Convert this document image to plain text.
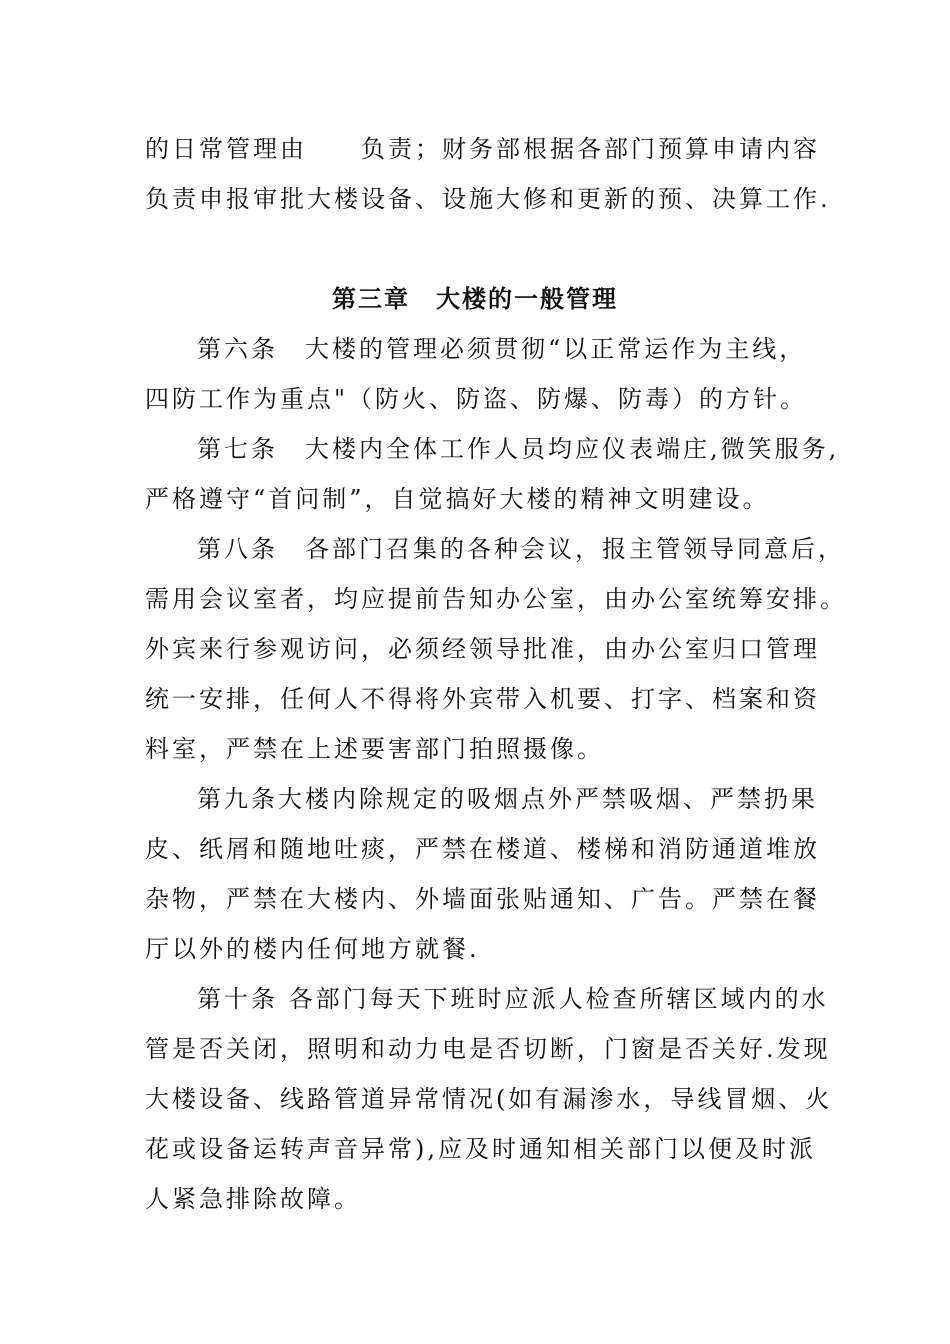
的日常管理由　　负责；财务部根据各部门预算申请内容
负责申报审批大楼设备、设施大修和更新的预、决算工作.
第三章　大楼的一般管理
第六条　大楼的管理必须贯彻“以正常运作为主线，
四防工作为重点"（防火、防盗、防爆、防毒）的方针。
第七条　大楼内全体工作人员均应仪表端庄,微笑服务,
严格遵守“首问制”，自觉搞好大楼的精神文明建设。
第八条　各部门召集的各种会议，报主管领导同意后，
需用会议室者，均应提前告知办公室，由办公室统筹安排。
外宾来行参观访问，必须经领导批准，由办公室归口管理
统一安排，任何人不得将外宾带入机要、打字、档案和资
料室，严禁在上述要害部门拍照摄像。
第九条大楼内除规定的吸烟点外严禁吸烟、严禁扔果
皮、纸屑和随地吐痰，严禁在楼道、楼梯和消防通道堆放
杂物，严禁在大楼内、外墙面张贴通知、广告。严禁在餐
厅以外的楼内任何地方就餐.
第十条 各部门每天下班时应派人检查所辖区域内的水
管是否关闭，照明和动力电是否切断，门窗是否关好.发现
大楼设备、线路管道异常情况(如有漏渗水，导线冒烟、火
花或设备运转声音异常),应及时通知相关部门以便及时派
人紧急排除故障。
